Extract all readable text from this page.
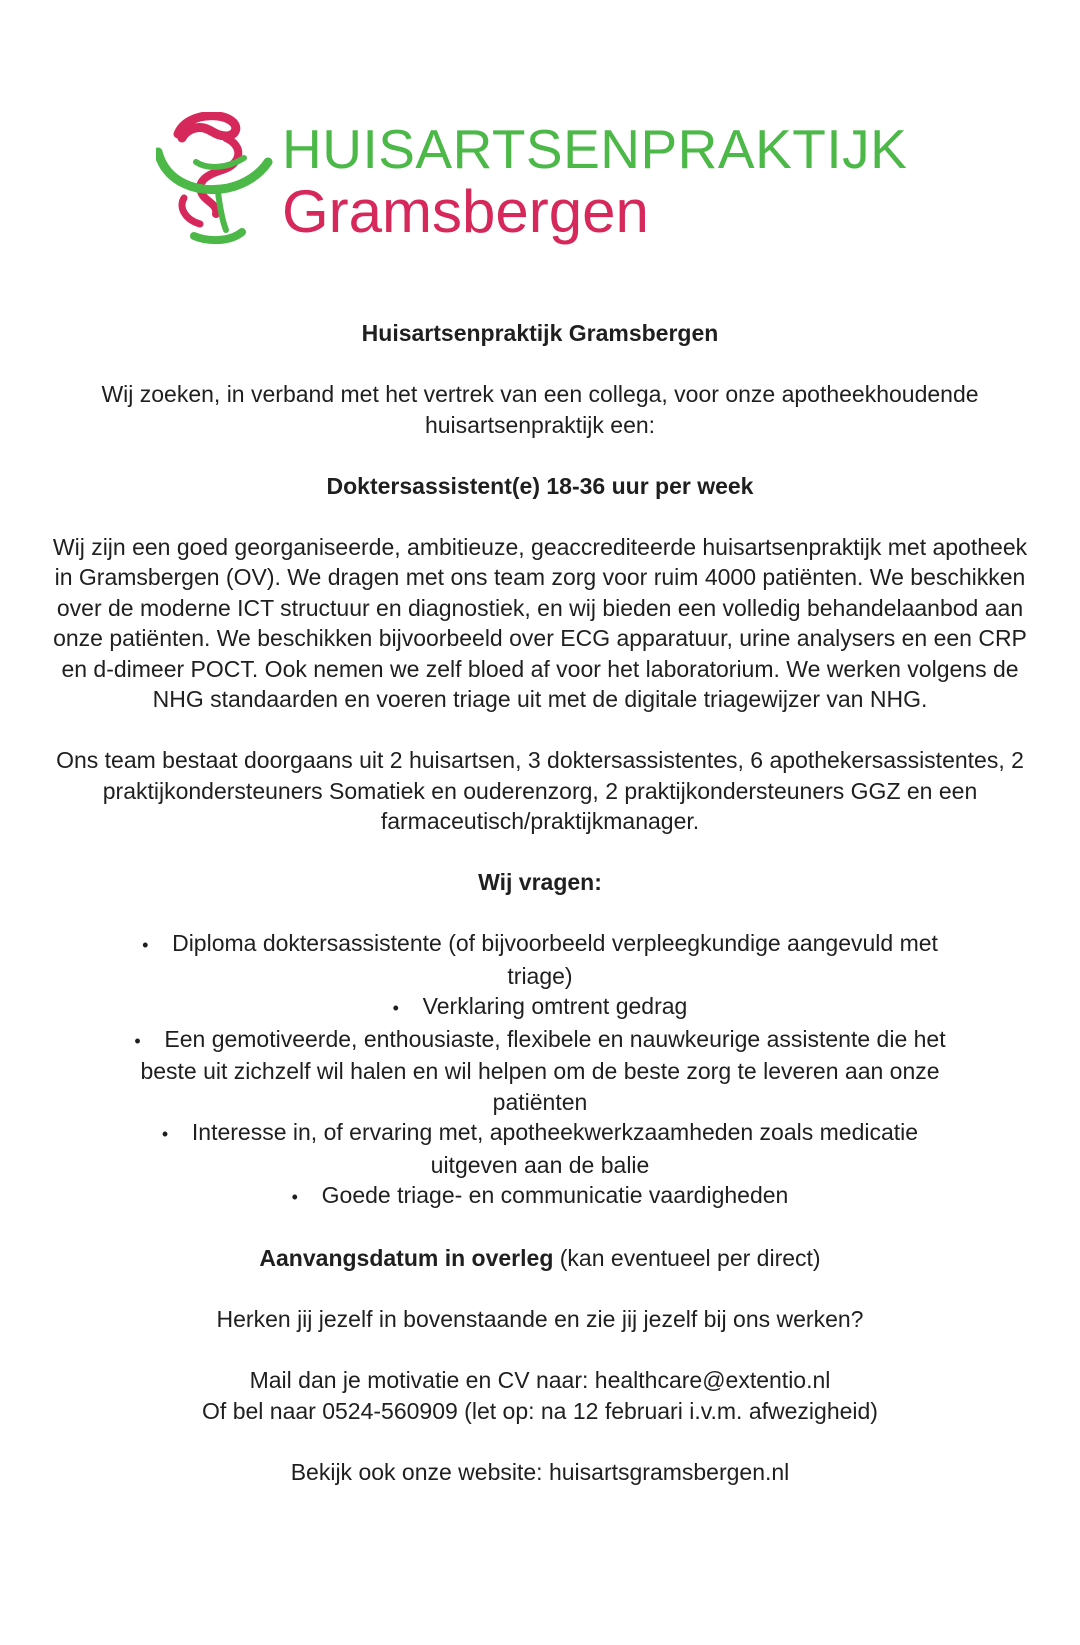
HUISARTSENPRAKTIJK
Gramsbergen

Huisartsenpraktijk Gramsbergen

Wij zoeken, in verband met het vertrek van een collega, voor onze apotheekhoudende huisartsenpraktijk een:

Doktersassistent(e) 18-36 uur per week

Wij zijn een goed georganiseerde, ambitieuze, geaccrediteerde huisartsenpraktijk met apotheek in Gramsbergen (OV). We dragen met ons team zorg voor ruim 4000 patiënten. We beschikken over de moderne ICT structuur en diagnostiek, en wij bieden een volledig behandelaanbod aan onze patiënten. We beschikken bijvoorbeeld over ECG apparatuur, urine analysers en een CRP en d-dimeer POCT. Ook nemen we zelf bloed af voor het laboratorium. We werken volgens de NHG standaarden en voeren triage uit met de digitale triagewijzer van NHG.

Ons team bestaat doorgaans uit 2 huisartsen, 3 doktersassistentes, 6 apothekersassistentes, 2 praktijkondersteuners Somatiek en ouderenzorg, 2 praktijkondersteuners GGZ en een farmaceutisch/praktijkmanager.

Wij vragen:

• Diploma doktersassistente (of bijvoorbeeld verpleegkundige aangevuld met triage)
• Verklaring omtrent gedrag
• Een gemotiveerde, enthousiaste, flexibele en nauwkeurige assistente die het beste uit zichzelf wil halen en wil helpen om de beste zorg te leveren aan onze patiënten
• Interesse in, of ervaring met, apotheekwerkzaamheden zoals medicatie uitgeven aan de balie
• Goede triage- en communicatie vaardigheden

Aanvangsdatum in overleg (kan eventueel per direct)

Herken jij jezelf in bovenstaande en zie jij jezelf bij ons werken?

Mail dan je motivatie en CV naar: healthcare@extentio.nl

Of bel naar 0524-560909 (let op: na 12 februari i.v.m. afwezigheid)

Bekijk ook onze website: huisartsgramsbergen.nl
